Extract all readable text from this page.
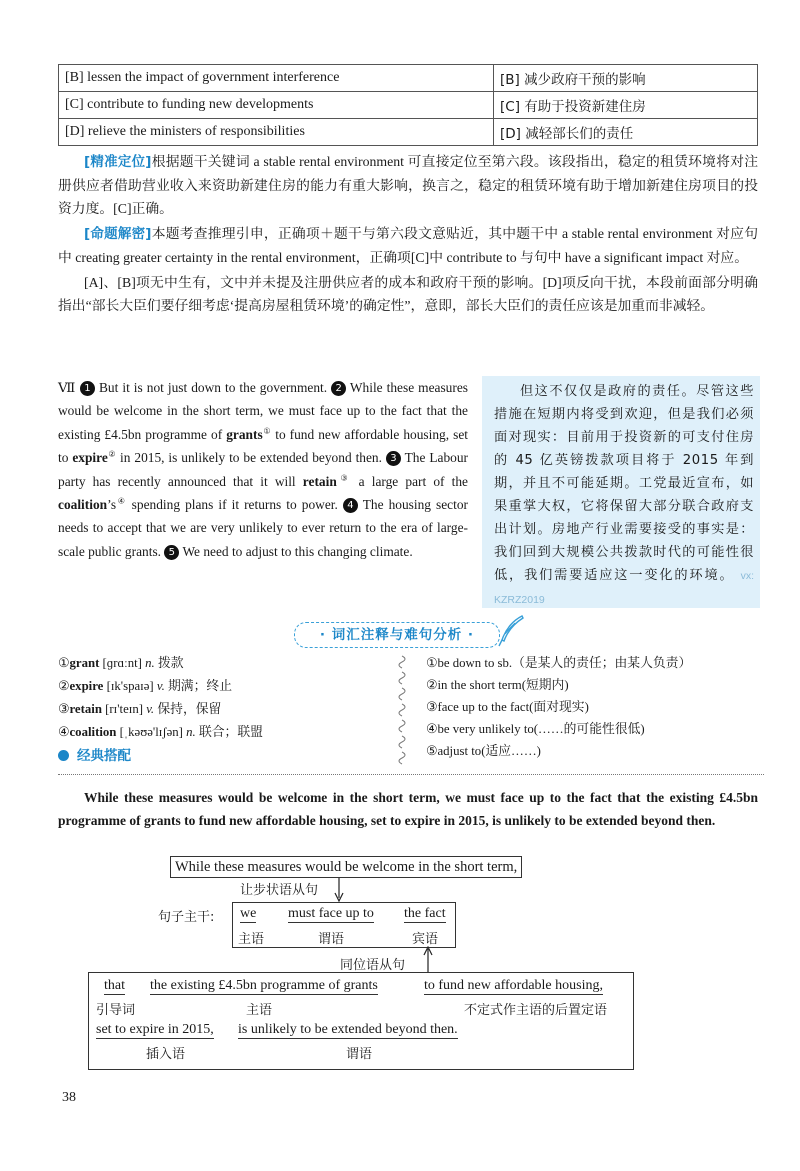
[B] lessen the impact of government interference	[B] 减少政府干预的影响
[C] contribute to funding new developments	[C] 有助于投资新建住房
[D] relieve the ministers of responsibilities	[D] 减轻部长们的责任

[精准定位]根据题干关键词 a stable rental environment 可直接定位至第六段。该段指出，稳定的租赁环境将对注册供应者借助营业收入来资助新建住房的能力有重大影响，换言之，稳定的租赁环境有助于增加新建住房项目的投资力度。[C]正确。

[命题解密]本题考查推理引申，正确项＋题干与第六段文意贴近，其中题干中 a stable rental environment 对应句中 creating greater certainty in the rental environment，正确项[C]中 contribute to 与句中 have a significant impact 对应。

[A]、[B]项无中生有，文中并未提及注册供应者的成本和政府干预的影响。[D]项反向干扰，本段前面部分明确指出“部长大臣们要仔细考虑‘提高房屋租赁环境’的确定性”，意即，部长大臣们的责任应该是加重而非减轻。

Ⅶ 1 But it is not just down to the government. 2 While these measures would be welcome in the short term, we must face up to the fact that the existing £4.5bn programme of grants① to fund new affordable housing, set to expire② in 2015, is unlikely to be extended beyond then. 3 The Labour party has recently announced that it will retain③ a large part of the coalition’s④ spending plans if it returns to power. 4 The housing sector needs to accept that we are very unlikely to ever return to the era of large-scale public grants. 5 We need to adjust to this changing climate.

但这不仅仅是政府的责任。尽管这些措施在短期内将受到欢迎，但是我们必须面对现实：目前用于投资新的可支付住房的 45 亿英镑拨款项目将于 2015 年到期，并且不可能延期。工党最近宣布，如果重掌大权，它将保留大部分联合政府支出计划。房地产行业需要接受的事实是：我们回到大规模公共拨款时代的可能性很低，我们需要适应这一变化的环境。 vx: KZRZ2019

· 词汇注释与难句分析 ·
①grant [ɡrɑːnt] n. 拨款
②expire [ɪk'spaɪə] v. 期满；终止
③retain [rɪ'teɪn] v. 保持，保留
④coalition [ˌkəʊə'lɪʃən] n. 联合；联盟
①be down to sb.（是某人的责任；由某人负责）
②in the short term(短期内)
③face up to the fact(面对现实)
④be very unlikely to(……的可能性很低)
⑤adjust to(适应……)
经典搭配

While these measures would be welcome in the short term, we must face up to the fact that the existing £4.5bn programme of grants to fund new affordable housing, set to expire in 2015, is unlikely to be extended beyond then.

While these measures would be welcome in the short term,
让步状语从句
句子主干: we
主语
must face up to
谓语
the fact
宾语
同位语从句
that
引导词
the existing £4.5bn programme of grants
主语
to fund new affordable housing,
不定式作主语的后置定语
set to expire in 2015,
插入语
is unlikely to be extended beyond then.
谓语
38
